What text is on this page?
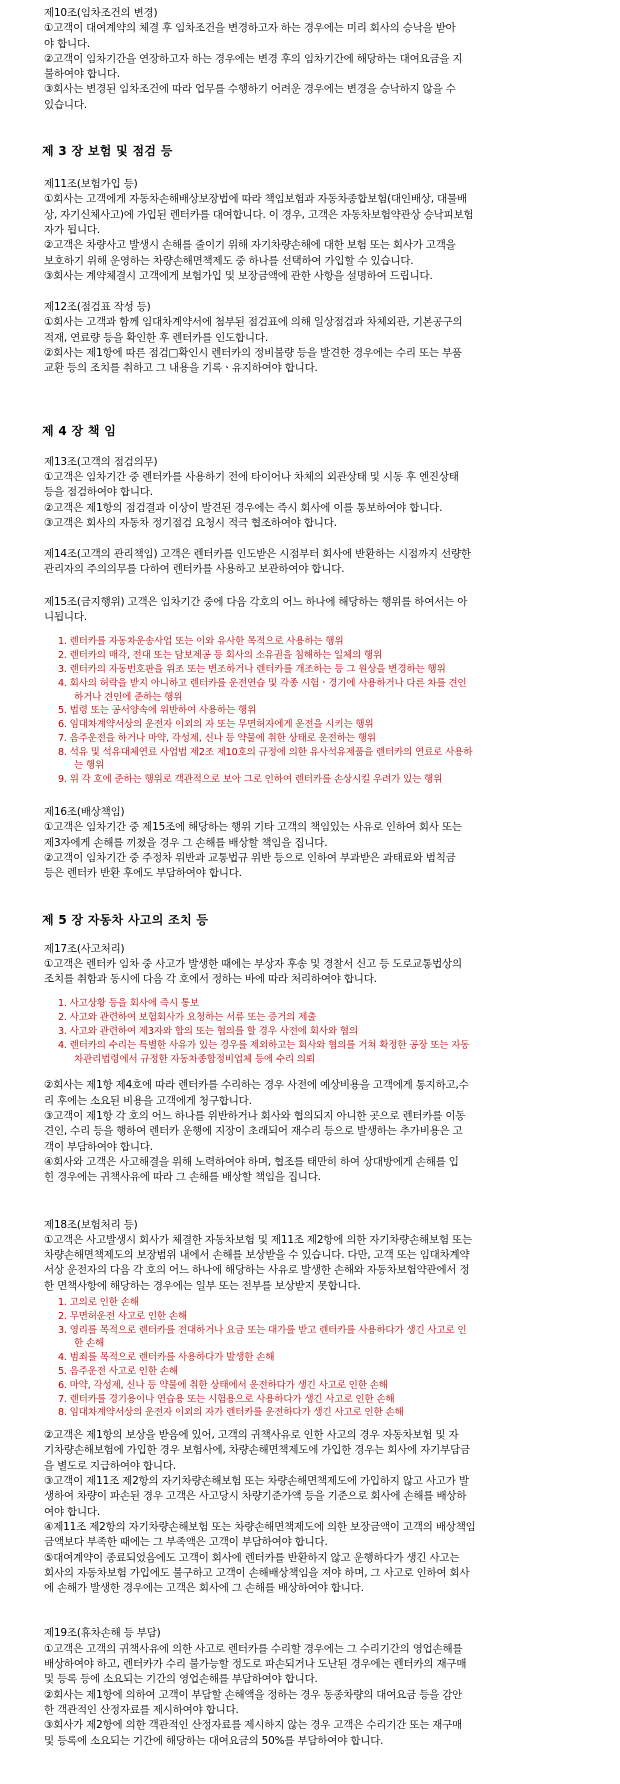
제10조(임차조건의 변경)
①고객이 대여계약의 체결 후 임차조건을 변경하고자 하는 경우에는 미리 회사의 승낙을 받아
야 합니다.
②고객이 임차기간을 연장하고자 하는 경우에는 변경 후의 임차기간에 해당하는 대여요금을 지
불하여야 합니다.
③회사는 변경된 임차조건에 따라 업무를 수행하기 어려운 경우에는 변경을 승낙하지 않을 수
있습니다.
제 3 장 보험 및 점검 등
제11조(보험가입 등)
①회사는 고객에게 자동차손해배상보장법에 따라 책임보험과 자동차종합보험(대인배상, 대물배
상, 자기신체사고)에 가입된 렌터카를 대여합니다. 이 경우, 고객은 자동차보험약관상 승낙피보험
자가 됩니다.
②고객은 차량사고 발생시 손해를 줄이기 위해 자기차량손해에 대한 보험 또는 회사가 고객을
보호하기 위해 운영하는 차량손해면책제도 중 하나를 선택하여 가입할 수 있습니다.
③회사는 계약체결시 고객에게 보험가입 및 보장금액에 관한 사항을 설명하여 드립니다.
제12조(점검표 작성 등)
①회사는 고객과 함께 임대차계약서에 첨부된 점검표에 의해 일상점검과 차체외관, 기본공구의
적재, 연료량 등을 확인한 후 렌터카를 인도합니다.
②회사는 제1항에 따른 점검□확인시 렌터카의 정비불량 등을 발견한 경우에는 수리 또는 부품
교환 등의 조치를 취하고 그 내용을 기록ㆍ유지하여야 합니다.
제 4 장 책 임
제13조(고객의 점검의무)
①고객은 임차기간 중 렌터카를 사용하기 전에 타이어나 차체의 외관상태 및 시동 후 엔진상태
등을 점검하여야 합니다.
②고객은 제1항의 점검결과 이상이 발견된 경우에는 즉시 회사에 이를 통보하여야 합니다.
③고객은 회사의 자동차 정기점검 요청시 적극 협조하여야 합니다.
제14조(고객의 관리책임) 고객은 렌터카를 인도받은 시점부터 회사에 반환하는 시점까지 선량한
관리자의 주의의무를 다하여 렌터카를 사용하고 보관하여야 합니다.
제15조(금지행위) 고객은 임차기간 중에 다음 각호의 어느 하나에 해당하는 행위를 하여서는 아
니됩니다.
1. 렌터카를 자동차운송사업 또는 이와 유사한 목적으로 사용하는 행위
2. 렌터카의 매각, 전대 또는 담보제공 등 회사의 소유권을 침해하는 일체의 행위
3. 렌터카의 자동번호판을 위조 또는 변조하거나 렌터카를 개조하는 등 그 원상을 변경하는 행위
4. 회사의 허락을 받지 아니하고 렌터카를 운전연습 및 각종 시험ㆍ경기에 사용하거나 다른 차를 견인
하거나 견인에 준하는 행위
5. 법령 또는 공서양속에 위반하여 사용하는 행위
6. 임대차계약서상의 운전자 이외의 자 또는 무면허자에게 운전을 시키는 행위
7. 음주운전을 하거나 마약, 각성제, 신나 등 약물에 취한 상태로 운전하는 행위
8. 석유 및 석유대체연료 사업법 제2조 제10호의 규정에 의한 유사석유제품을 렌터카의 연료로 사용하
는 행위
9. 위 각 호에 준하는 행위로 객관적으로 보아 그로 인하여 렌터카를 손상시킬 우려가 있는 행위
제16조(배상책임)
①고객은 임차기간 중 제15조에 해당하는 행위 기타 고객의 책임있는 사유로 인하여 회사 또는
제3자에게 손해를 끼쳤을 경우 그 손해를 배상할 책임을 집니다.
②고객이 임차기간 중 주정차 위반과 교통법규 위반 등으로 인하여 부과받은 과태료와 범칙금
등은 렌터카 반환 후에도 부담하여야 합니다.
제 5 장 자동차 사고의 조치 등
제17조(사고처리)
①고객은 렌터카 임차 중 사고가 발생한 때에는 부상자 후송 및 경찰서 신고 등 도로교통법상의
조치를 취함과 동시에 다음 각 호에서 정하는 바에 따라 처리하여야 합니다.
1. 사고상황 등을 회사에 즉시 통보
2. 사고와 관련하여 보험회사가 요청하는 서류 또는 증거의 제출
3. 사고와 관련하여 제3자와 합의 또는 협의를 할 경우 사전에 회사와 협의
4. 렌터카의 수리는 특별한 사유가 있는 경우를 제외하고는 회사와 협의를 거쳐 확정한 공장 또는 자동
차관리법령에서 규정한 자동차종합정비업체 등에 수리 의뢰
②회사는 제1항 제4호에 따라 렌터카를 수리하는 경우 사전에 예상비용을 고객에게 통지하고,수
리 후에는 소요된 비용을 고객에게 청구합니다.
③고객이 제1항 각 호의 어느 하나를 위반하거나 회사와 협의되지 아니한 곳으로 렌터카를 이동
견인, 수리 등을 행하여 렌터카 운행에 지장이 초래되어 재수리 등으로 발생하는 추가비용은 고
객이 부담하여야 합니다.
④회사와 고객은 사고해결을 위해 노력하여야 하며, 협조를 태만히 하여 상대방에게 손해를 입
힌 경우에는 귀책사유에 따라 그 손해를 배상할 책임을 집니다.
제18조(보험처리 등)
①고객은 사고발생시 회사가 체결한 자동차보험 및 제11조 제2항에 의한 자기차량손해보험 또는
차량손해면책제도의 보장범위 내에서 손해를 보상받을 수 있습니다. 다만, 고객 또는 임대차계약
서상 운전자의 다음 각 호의 어느 하나에 해당하는 사유로 발생한 손해와 자동차보험약관에서 정
한 면책사항에 해당하는 경우에는 일부 또는 전부를 보상받지 못합니다.
1. 고의로 인한 손해
2. 무면허운전 사고로 인한 손해
3. 영리를 목적으로 렌터카를 전대하거나 요금 또는 대가를 받고 렌터카를 사용하다가 생긴 사고로 인
한 손해
4. 범죄를 목적으로 렌터카를 사용하다가 발생한 손해
5. 음주운전 사고로 인한 손해
6. 마약, 각성제, 신나 등 약물에 취한 상태에서 운전하다가 생긴 사고로 인한 손해
7. 렌터카를 경기용이나 연습용 또는 시험용으로 사용하다가 생긴 사고로 인한 손해
8. 임대차계약서상의 운전자 이외의 자가 렌터카를 운전하다가 생긴 사고로 인한 손해
②고객은 제1항의 보상을 받음에 있어, 고객의 귀책사유로 인한 사고의 경우 자동차보험 및 자
기차량손해보험에 가입한 경우 보험사에, 차량손해면책제도에 가입한 경우는 회사에 자기부담금
을 별도로 지급하여야 합니다.
③고객이 제11조 제2항의 자기차량손해보험 또는 차량손해면책제도에 가입하지 않고 사고가 발
생하여 차량이 파손된 경우 고객은 사고당시 차량기준가액 등을 기준으로 회사에 손해를 배상하
여야 합니다.
④제11조 제2항의 자기차량손해보험 또는 차량손해면책제도에 의한 보장금액이 고객의 배상책임
금액보다 부족한 때에는 그 부족액은 고객이 부담하여야 합니다.
⑤대여계약이 종료되었음에도 고객이 회사에 렌터카를 반환하지 않고 운행하다가 생긴 사고는
회사의 자동차보험 가입에도 불구하고 고객이 손해배상책임을 져야 하며, 그 사고로 인하여 회사
에 손해가 발생한 경우에는 고객은 회사에 그 손해를 배상하여야 합니다.
제19조(휴차손해 등 부담)
①고객은 고객의 귀책사유에 의한 사고로 렌터카를 수리할 경우에는 그 수리기간의 영업손해를
배상하여야 하고, 렌터카가 수리 불가능할 정도로 파손되거나 도난된 경우에는 렌터카의 재구매
및 등록 등에 소요되는 기간의 영업손해를 부담하여야 합니다.
②회사는 제1항에 의하여 고객이 부담할 손해액을 정하는 경우 동종차량의 대여요금 등을 감안
한 객관적인 산정자료를 제시하여야 합니다.
③회사가 제2항에 의한 객관적인 산정자료를 제시하지 않는 경우 고객은 수리기간 또는 재구매
및 등록에 소요되는 기간에 해당하는 대여요금의 50%를 부담하여야 합니다.
